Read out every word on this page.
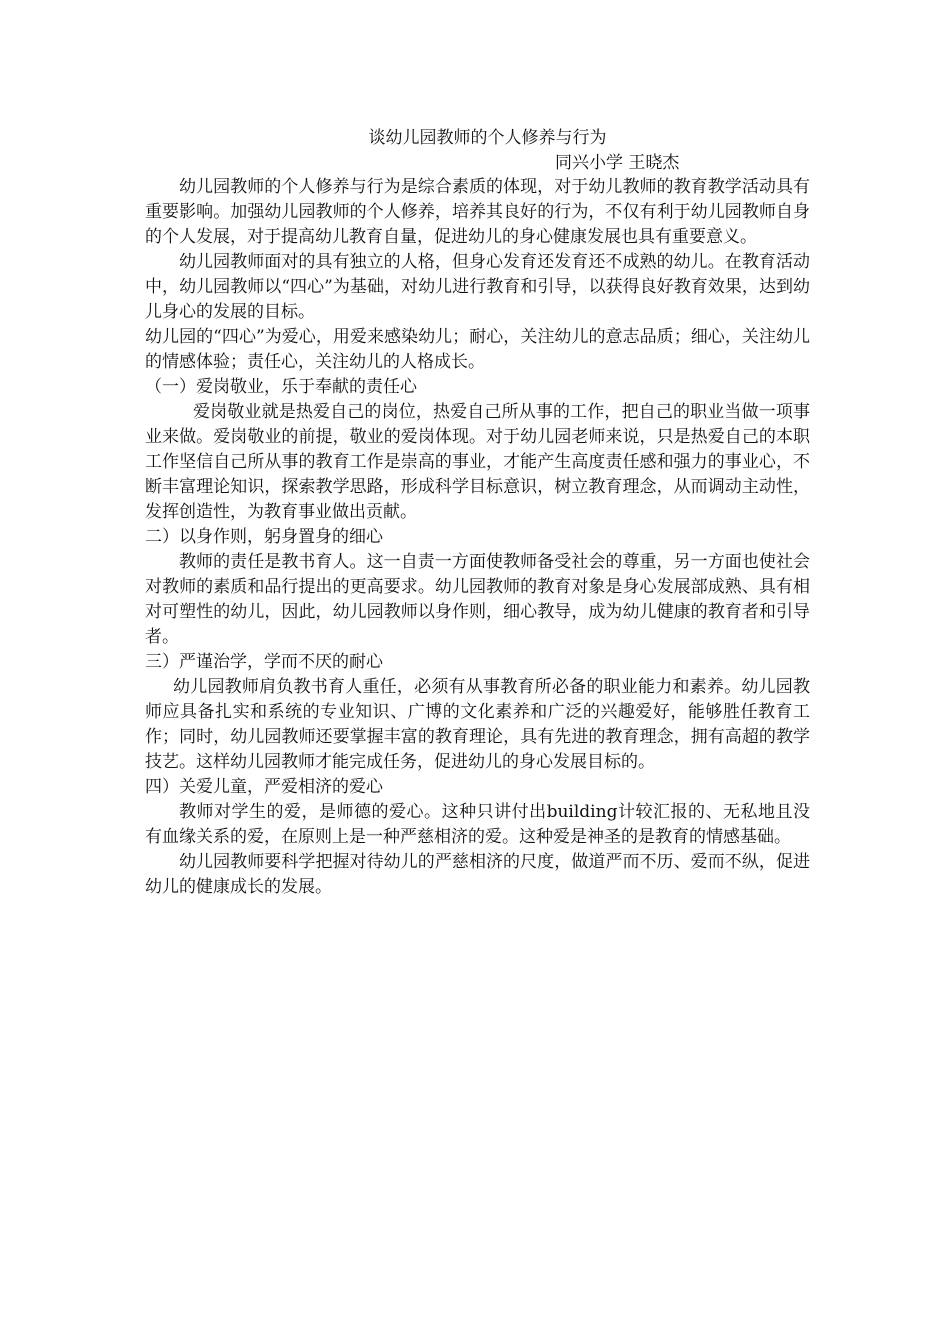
谈幼儿园教师的个人修养与行为
同兴小学 王晓杰

幼儿园教师的个人修养与行为是综合素质的体现，对于幼儿教师的教育教学活动具有重要影响。加强幼儿园教师的个人修养，培养其良好的行为，不仅有利于幼儿园教师自身的个人发展，对于提高幼儿教育自量，促进幼儿的身心健康发展也具有重要意义。

幼儿园教师面对的具有独立的人格，但身心发育还发育还不成熟的幼儿。在教育活动中，幼儿园教师以“四心”为基础，对幼儿进行教育和引导，以获得良好教育效果，达到幼儿身心的发展的目标。

幼儿园的“四心”为爱心，用爱来感染幼儿；耐心，关注幼儿的意志品质；细心，关注幼儿的情感体验；责任心，关注幼儿的人格成长。

（一）爱岗敬业，乐于奉献的责任心

爱岗敬业就是热爱自己的岗位，热爱自己所从事的工作，把自己的职业当做一项事业来做。爱岗敬业的前提，敬业的爱岗体现。对于幼儿园老师来说，只是热爱自己的本职工作坚信自己所从事的教育工作是崇高的事业，才能产生高度责任感和强力的事业心，不断丰富理论知识，探索教学思路，形成科学目标意识，树立教育理念，从而调动主动性，发挥创造性，为教育事业做出贡献。

二）以身作则，躬身置身的细心

教师的责任是教书育人。这一自责一方面使教师备受社会的尊重，另一方面也使社会对教师的素质和品行提出的更高要求。幼儿园教师的教育对象是身心发展部成熟、具有相对可塑性的幼儿，因此，幼儿园教师以身作则，细心教导，成为幼儿健康的教育者和引导者。

三）严谨治学，学而不厌的耐心

幼儿园教师肩负教书育人重任，必须有从事教育所必备的职业能力和素养。幼儿园教师应具备扎实和系统的专业知识、广博的文化素养和广泛的兴趣爱好，能够胜任教育工作；同时，幼儿园教师还要掌握丰富的教育理论，具有先进的教育理念，拥有高超的教学技艺。这样幼儿园教师才能完成任务，促进幼儿的身心发展目标的。

四）关爱儿童，严爱相济的爱心

教师对学生的爱，是师德的爱心。这种只讲付出building计较汇报的、无私地且没有血缘关系的爱，在原则上是一种严慈相济的爱。这种爱是神圣的是教育的情感基础。

幼儿园教师要科学把握对待幼儿的严慈相济的尺度，做道严而不历、爱而不纵，促进幼儿的健康成长的发展。
